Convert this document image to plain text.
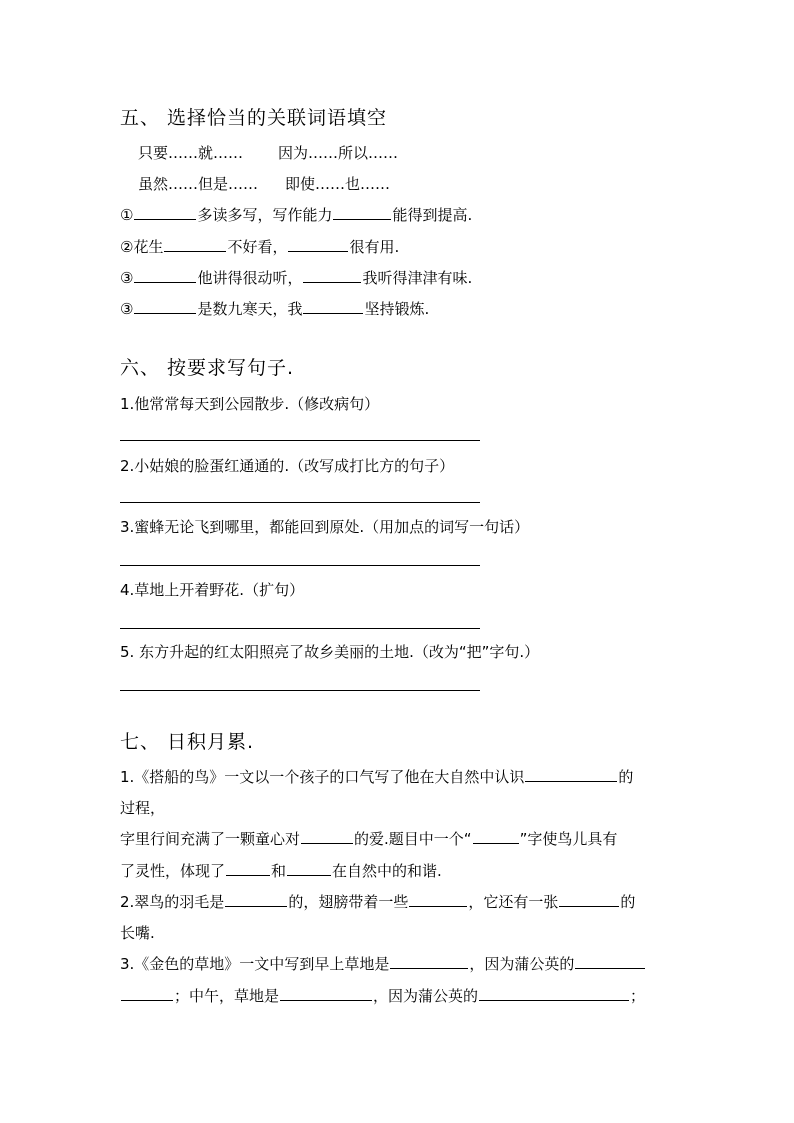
五、 选择恰当的关联词语填空
只要……就…… 因为……所以……
虽然……但是…… 即使……也……
①	多读多写，写作能力	能得到提高.
②花生	不好看，	很有用.
③	他讲得很动听，	我听得津津有味.
③	是数九寒天，我	坚持锻炼.
六、 按要求写句子.
1.他常常每天到公园散步.（修改病句）
2.小姑娘的脸蛋红通通的.（改写成打比方的句子）
3.蜜蜂无论飞到哪里，都能回到原处.（用加点的词写一句话）
4.草地上开着野花.（扩句）
5. 东方升起的红太阳照亮了故乡美丽的土地.（改为“把”字句.）
七、 日积月累.
1.《搭船的鸟》一文以一个孩子的口气写了他在大自然中认识	的
过程，
字里行间充满了一颗童心对	的爱.题目中一个“	”字使鸟儿具有
了灵性，体现了	和	在自然中的和谐.
2.翠鸟的羽毛是	的，翅膀带着一些	，它还有一张	的
长嘴.
3.《金色的草地》一文中写到早上草地是	，因为蒲公英的
；中午，草地是	，因为蒲公英的	；
